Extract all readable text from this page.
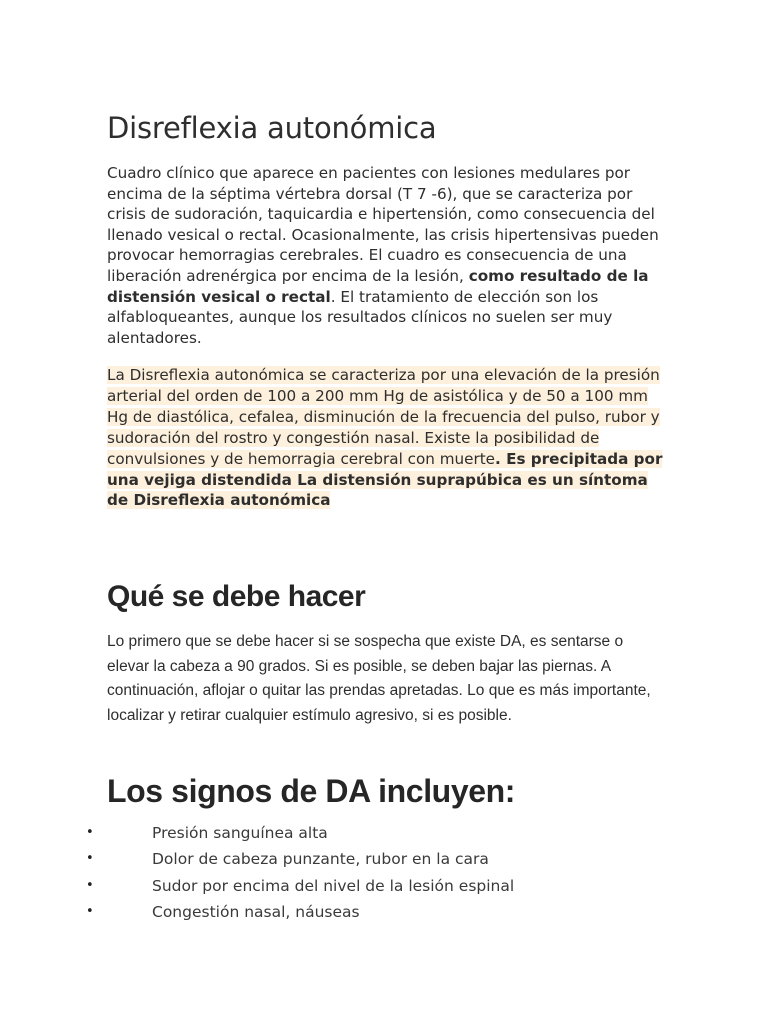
Disreflexia autonómica

Cuadro clínico que aparece en pacientes con lesiones medulares por encima de la séptima vértebra dorsal (T 7 -6), que se caracteriza por crisis de sudoración, taquicardia e hipertensión, como consecuencia del llenado vesical o rectal. Ocasionalmente, las crisis hipertensivas pueden provocar hemorragias cerebrales. El cuadro es consecuencia de una liberación adrenérgica por encima de la lesión, como resultado de la distensión vesical o rectal. El tratamiento de elección son los alfabloqueantes, aunque los resultados clínicos no suelen ser muy alentadores.

La Disreflexia autonómica se caracteriza por una elevación de la presión arterial del orden de 100 a 200 mm Hg de asistólica y de 50 a 100 mm Hg de diastólica, cefalea, disminución de la frecuencia del pulso, rubor y sudoración del rostro y congestión nasal. Existe la posibilidad de convulsiones y de hemorragia cerebral con muerte. Es precipitada por una vejiga distendida La distensión suprapúbica es un síntoma de Disreflexia autonómica

Qué se debe hacer

Lo primero que se debe hacer si se sospecha que existe DA, es sentarse o elevar la cabeza a 90 grados. Si es posible, se deben bajar las piernas. A continuación, aflojar o quitar las prendas apretadas. Lo que es más importante, localizar y retirar cualquier estímulo agresivo, si es posible.

Los signos de DA incluyen:
•	Presión sanguínea alta
•	Dolor de cabeza punzante, rubor en la cara
•	Sudor por encima del nivel de la lesión espinal
•	Congestión nasal, náuseas
